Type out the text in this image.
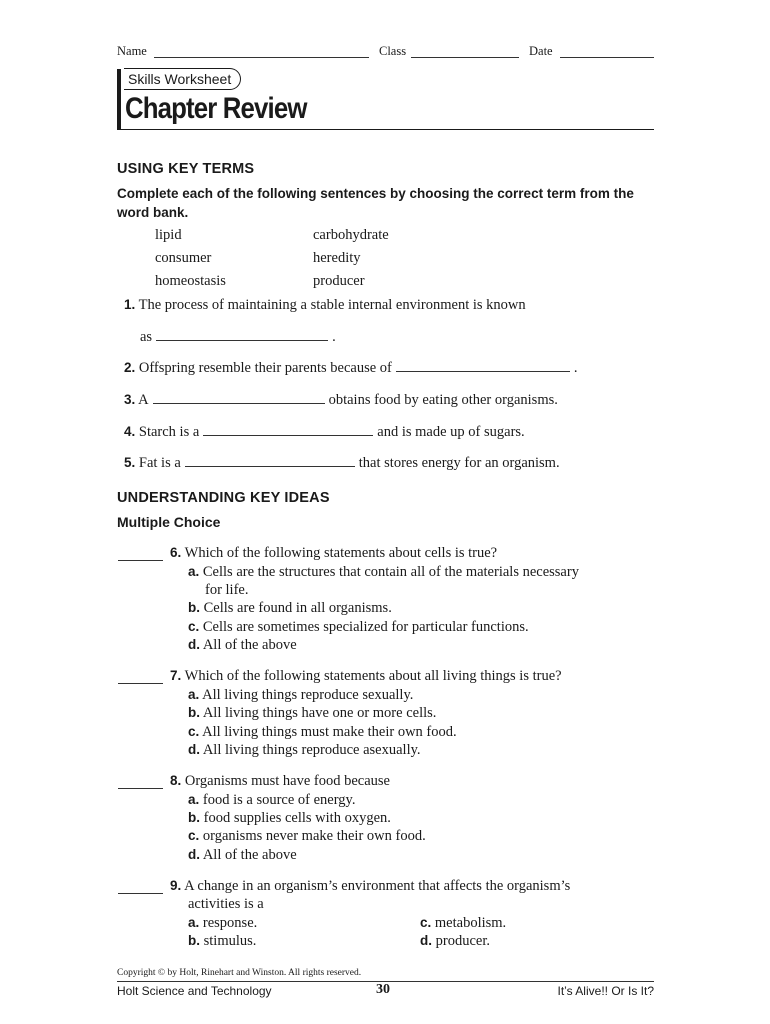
Name	Class	Date
Skills Worksheet
Chapter Review
USING KEY TERMS
Complete each of the following sentences by choosing the correct term from the word bank.
lipid	carbohydrate
consumer	heredity
homeostasis	producer
1. The process of maintaining a stable internal environment is known
as	.
2. Offspring resemble their parents because of	.
3. A	obtains food by eating other organisms.
4. Starch is a	and is made up of sugars.
5. Fat is a	that stores energy for an organism.
UNDERSTANDING KEY IDEAS
Multiple Choice
6. Which of the following statements about cells is true?
a. Cells are the structures that contain all of the materials necessary
for life.
b. Cells are found in all organisms.
c. Cells are sometimes specialized for particular functions.
d. All of the above
7. Which of the following statements about all living things is true?
a. All living things reproduce sexually.
b. All living things have one or more cells.
c. All living things must make their own food.
d. All living things reproduce asexually.
8. Organisms must have food because
a. food is a source of energy.
b. food supplies cells with oxygen.
c. organisms never make their own food.
d. All of the above
9. A change in an organism’s environment that affects the organism’s
activities is a
a. response.
b. stimulus.
c. metabolism.
d. producer.
Copyright © by Holt, Rinehart and Winston. All rights reserved.
Holt Science and Technology	30	It’s Alive!! Or Is It?
